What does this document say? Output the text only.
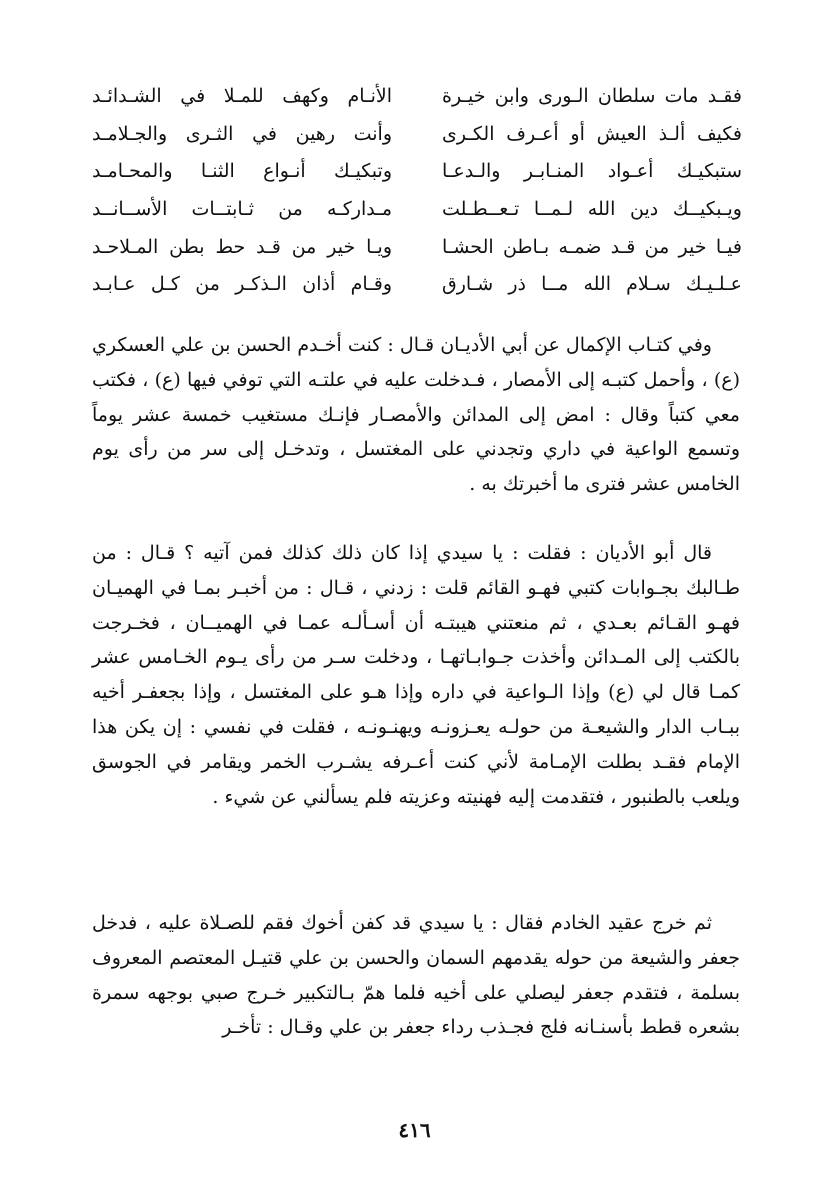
فقـد مات سلطان الـورى وابن خيـرة
الأنـام وكهف للمـلا في الشـدائـد
فكيف ألـذ العيش أو أعـرف الكـرى
وأنت رهين في الثـرى والجـلامـد
ستبكيـك أعـواد المنـابـر والـدعـا
وتبكيـك أنـواع الثنـا والمحـامـد
ويـبكيــك دين الله لـمــا تـعــطـلت
مـداركـه من ثـابتــات الأســانــد
فيـا خير من قـد ضمـه بـاطن الحشـا
ويـا خير من قـد حط بطن المـلاحـد
عـلـيـك سـلام الله مــا ذر شـارق
وقـام أذان الـذكـر من كـل عـابـد

وفي كتـاب الإكمال عن أبي الأديـان قـال : كنت أخـدم الحسن بن علي العسكري (ع) ، وأحمل كتبـه إلى الأمصار ، فـدخلت عليه في علتـه التي توفي فيها (ع) ، فكتب معي كتباً وقال : امض إلى المدائن والأمصـار فإنـك مستغيب خمسة عشر يوماً وتسمع الواعية في داري وتجدني على المغتسل ، وتدخـل إلى سر من رأى يوم الخامس عشر فترى ما أخبرتك به .

قال أبو الأديان : فقلت : يا سيدي إذا كان ذلك كذلك فمن آتيه ؟ قـال : من طـالبك بجـوابات كتبي فهـو القائم قلت : زدني ، قـال : من أخبـر بمـا في الهميـان فهـو القـائم بعـدي ، ثم منعتني هيبتـه أن أسـألـه عمـا في الهميــان ، فخـرجت بالكتب إلى المـدائن وأخذت جـوابـاتهـا ، ودخلت سـر من رأى يـوم الخـامس عشر كمـا قال لي (ع) وإذا الـواعية في داره وإذا هـو على المغتسل ، وإذا بجعفـر أخيه ببـاب الدار والشيعـة من حولـه يعـزونـه ويهنـونـه ، فقلت في نفسي : إن يكن هذا الإمام فقـد بطلت الإمـامة لأني كنت أعـرفه يشـرب الخمر ويقامر في الجوسق ويلعب بالطنبور ، فتقدمت إليه فهنيته وعزيته فلم يسألني عن شيء .

ثم خرج عقيد الخادم فقال : يا سيدي قد كفن أخوك فقم للصـلاة عليه ، فدخل جعفر والشيعة من حوله يقدمهم السمان والحسن بن علي قتيـل المعتصم المعروف بسلمة ، فتقدم جعفر ليصلي على أخيه فلما همّ بـالتكبير خـرج صبي بوجهه سمرة بشعره قطط بأسنـانه فلج فجـذب رداء جعفر بن علي وقـال : تأخـر

٤١٦
